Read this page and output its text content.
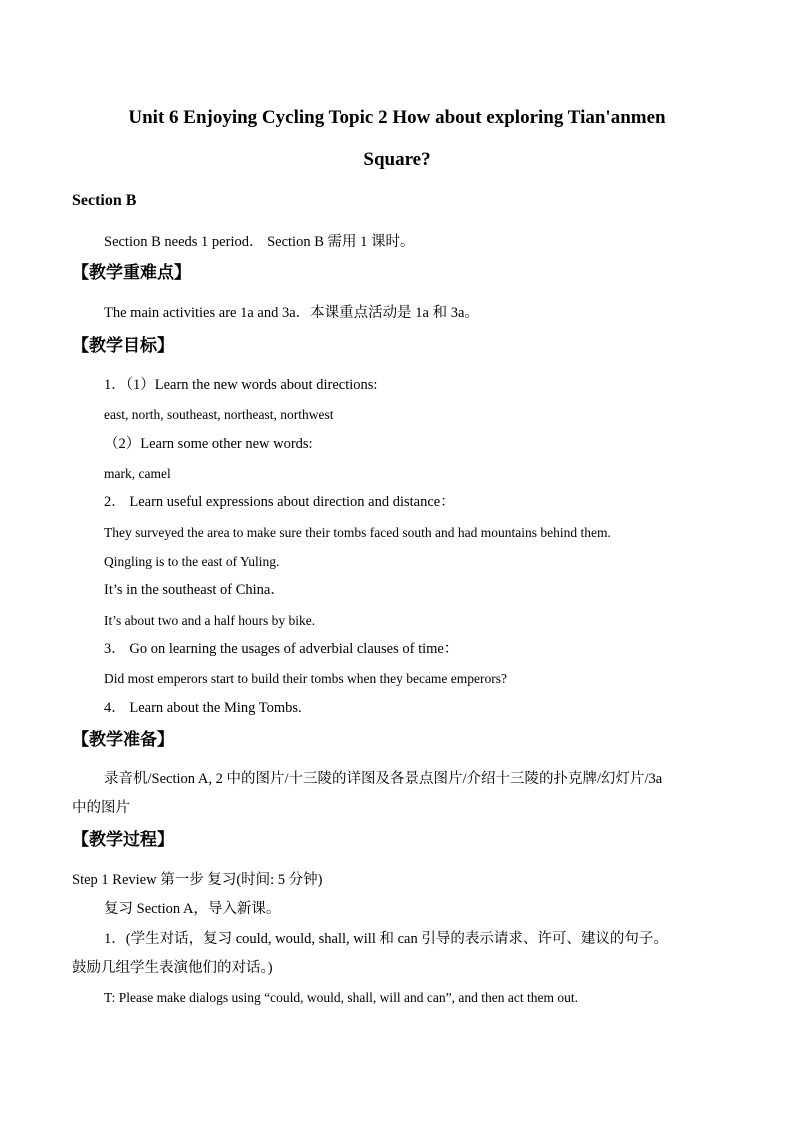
Unit 6 Enjoying Cycling Topic 2 How about exploring Tian'anmen
Square?
Section B
Section B needs 1 period． Section B 需用 1 课时。
【教学重难点】
The main activities are 1a and 3a．本课重点活动是 1a 和 3a。
【教学目标】
1．（1）Learn the new words about directions:
east, north, southeast, northeast, northwest
（2）Learn some other new words:
mark, camel
2． Learn useful expressions about direction and distance：
They surveyed the area to make sure their tombs faced south and had mountains behind them.
Qingling is to the east of Yuling.
It’s in the southeast of China．
It’s about two and a half hours by bike.
3． Go on learning the usages of adverbial clauses of time：
Did most emperors start to build their tombs when they became emperors?
4． Learn about the Ming Tombs.
【教学准备】
录音机/Section A, 2 中的图片/十三陵的详图及各景点图片/介绍十三陵的扑克牌/幻灯片/3a
中的图片
【教学过程】
Step 1 Review 第一步 复习(时间: 5 分钟)
复习 Section A，导入新课。
1．(学生对话，复习 could, would, shall, will 和 can 引导的表示请求、许可、建议的句子。
鼓励几组学生表演他们的对话。)
T: Please make dialogs using “could, would, shall, will and can”, and then act them out.
